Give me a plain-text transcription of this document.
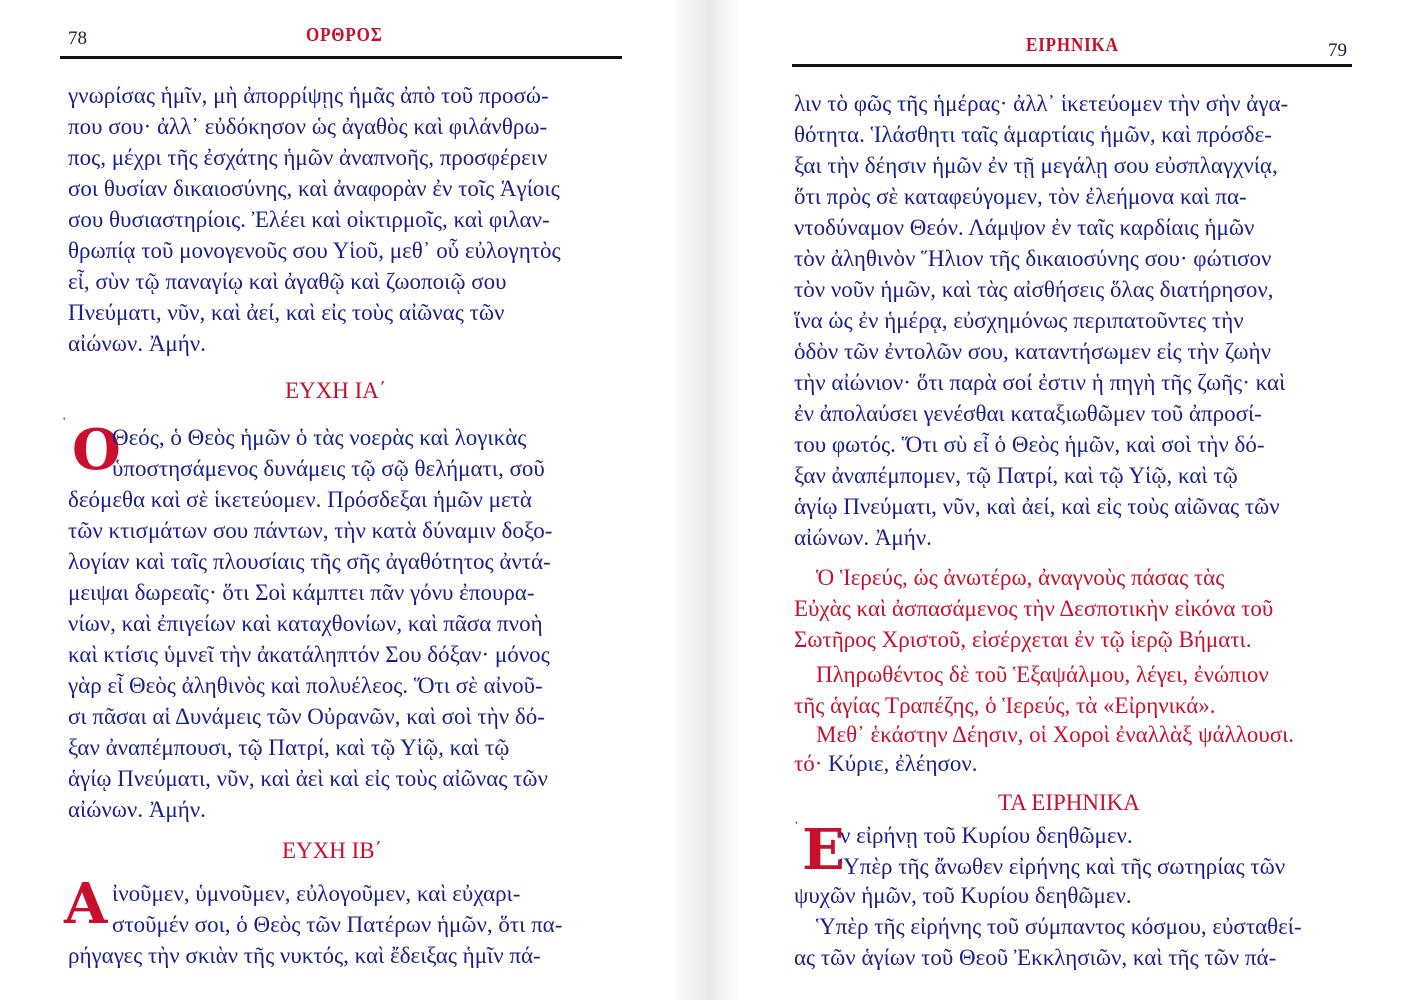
78	ΟΡΘΡΟΣ
γνωρίσας ἡμῖν, μὴ ἀπορρίψῃς ἡμᾶς ἀπὸ τοῦ προσώ-
που σου· ἀλλ᾽ εὐδόκησον ὡς ἀγαθὸς καὶ φιλάνθρω-
πος, μέχρι τῆς ἐσχάτης ἡμῶν ἀναπνοῆς, προσφέρειν
σοι θυσίαν δικαιοσύνης, καὶ ἀναφορὰν ἐν τοῖς Ἁγίοις
σου θυσιαστηρίοις. Ἐλέει καὶ οἰκτιρμοῖς, καὶ φιλαν-
θρωπίᾳ τοῦ μονογενοῦς σου Υἱοῦ, μεθ᾽ οὗ εὐλογητὸς
εἶ, σὺν τῷ παναγίῳ καὶ ἀγαθῷ καὶ ζωοποιῷ σου
Πνεύματι, νῦν, καὶ ἀεί, καὶ εἰς τοὺς αἰῶνας τῶν
αἰώνων. Ἀμήν.
ΕΥΧΗ ΙΑ΄
῾ Ο
Θεός, ὁ Θεὸς ἡμῶν ὁ τὰς νοερὰς καὶ λογικὰς
ὑποστησάμενος δυνάμεις τῷ σῷ θελήματι, σοῦ
δεόμεθα καὶ σὲ ἱκετεύομεν. Πρόσδεξαι ἡμῶν μετὰ
τῶν κτισμάτων σου πάντων, τὴν κατὰ δύναμιν δοξο-
λογίαν καὶ ταῖς πλουσίαις τῆς σῆς ἀγαθότητος ἀντά-
μειψαι δωρεαῖς· ὅτι Σοὶ κάμπτει πᾶν γόνυ ἐπουρα-
νίων, καὶ ἐπιγείων καὶ καταχθονίων, καὶ πᾶσα πνοὴ
καὶ κτίσις ὑμνεῖ τὴν ἀκατάληπτόν Σου δόξαν· μόνος
γὰρ εἶ Θεὸς ἀληθινὸς καὶ πολυέλεος. Ὅτι σὲ αἰνοῦ-
σι πᾶσαι αἱ Δυνάμεις τῶν Οὐρανῶν, καὶ σοὶ τὴν δό-
ξαν ἀναπέμπουσι, τῷ Πατρί, καὶ τῷ Υἱῷ, καὶ τῷ
ἁγίῳ Πνεύματι, νῦν, καὶ ἀεὶ καὶ εἰς τοὺς αἰῶνας τῶν
αἰώνων. Ἀμήν.
ΕΥΧΗ ΙΒ΄
Α ἰνοῦμεν, ὑμνοῦμεν, εὐλογοῦμεν, καὶ εὐχαρι-
στοῦμέν σοι, ὁ Θεὸς τῶν Πατέρων ἡμῶν, ὅτι πα-
ρήγαγες τὴν σκιὰν τῆς νυκτός, καὶ ἔδειξας ἡμῖν πά-
ΕΙΡΗΝΙΚΑ	79
λιν τὸ φῶς τῆς ἡμέρας· ἀλλ᾽ ἱκετεύομεν τὴν σὴν ἀγα-
θότητα. Ἱλάσθητι ταῖς ἁμαρτίαις ἡμῶν, καὶ πρόσδε-
ξαι τὴν δέησιν ἡμῶν ἐν τῇ μεγάλῃ σου εὐσπλαγχνίᾳ,
ὅτι πρὸς σὲ καταφεύγομεν, τὸν ἐλεήμονα καὶ πα-
ντοδύναμον Θεόν. Λάμψον ἐν ταῖς καρδίαις ἡμῶν
τὸν ἀληθινὸν Ἥλιον τῆς δικαιοσύνης σου· φώτισον
τὸν νοῦν ἡμῶν, καὶ τὰς αἰσθήσεις ὅλας διατήρησον,
ἵνα ὡς ἐν ἡμέρᾳ, εὐσχημόνως περιπατοῦντες τὴν
ὁδὸν τῶν ἐντολῶν σου, καταντήσωμεν εἰς τὴν ζωὴν
τὴν αἰώνιον· ὅτι παρὰ σοί ἐστιν ἡ πηγὴ τῆς ζωῆς· καὶ
ἐν ἀπολαύσει γενέσθαι καταξιωθῶμεν τοῦ ἀπροσί-
του φωτός. Ὅτι σὺ εἶ ὁ Θεὸς ἡμῶν, καὶ σοὶ τὴν δό-
ξαν ἀναπέμπομεν, τῷ Πατρί, καὶ τῷ Υἱῷ, καὶ τῷ
ἁγίῳ Πνεύματι, νῦν, καὶ ἀεί, καὶ εἰς τοὺς αἰῶνας τῶν
αἰώνων. Ἀμήν.
Ὁ Ἱερεύς, ὡς ἀνωτέρω, ἀναγνοὺς πάσας τὰς
Εὐχὰς καὶ ἀσπασάμενος τὴν Δεσποτικὴν εἰκόνα τοῦ
Σωτῆρος Χριστοῦ, εἰσέρχεται ἐν τῷ ἱερῷ Βήματι.
Πληρωθέντος δὲ τοῦ Ἑξαψάλμου, λέγει, ἐνώπιον
τῆς ἁγίας Τραπέζης, ὁ Ἱερεύς, τὰ «Εἰρηνικά».
Μεθ᾽ ἑκάστην Δέησιν, οἱ Χοροὶ ἐναλλὰξ ψάλλουσι.
τό· Κύριε, ἐλέησον.
ΤΑ ΕΙΡΗΝΙΚΑ
᾽ Ε
ν εἰρήνῃ τοῦ Κυρίου δεηθῶμεν.
Ὑπὲρ τῆς ἄνωθεν εἰρήνης καὶ τῆς σωτηρίας τῶν
ψυχῶν ἡμῶν, τοῦ Κυρίου δεηθῶμεν.
Ὑπὲρ τῆς εἰρήνης τοῦ σύμπαντος κόσμου, εὐσταθεί-
ας τῶν ἁγίων τοῦ Θεοῦ Ἐκκλησιῶν, καὶ τῆς τῶν πά-
